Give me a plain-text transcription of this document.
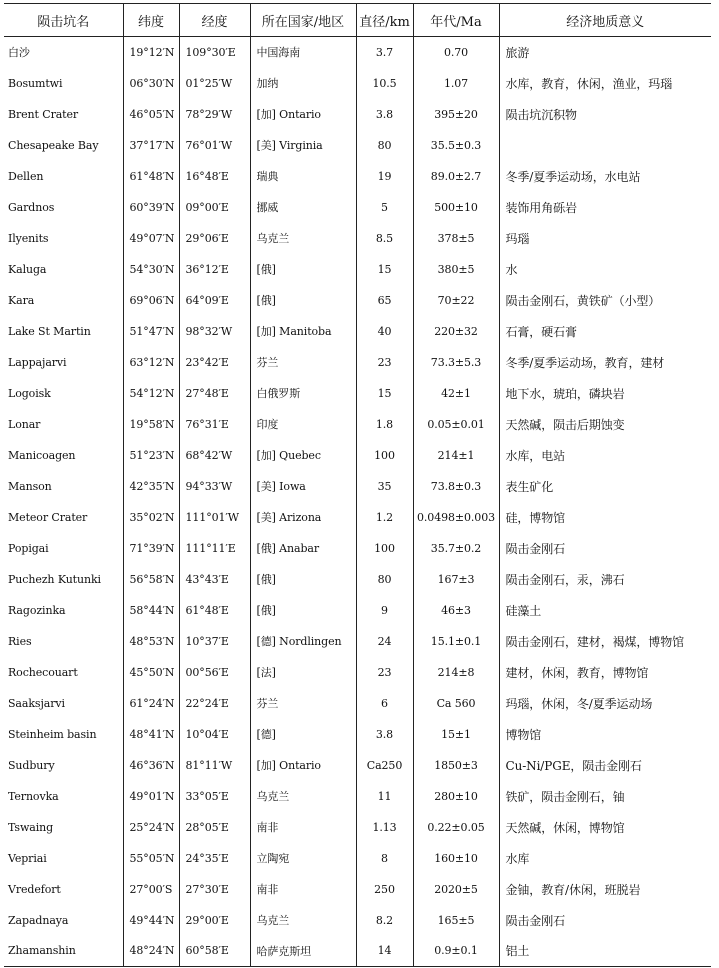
陨击坑名	纬度	经度	所在国家/地区	直径/km	年代/Ma	经济地质意义
白沙	19°12′N	109°30′E	中国海南	3.7	0.70	旅游
Bosumtwi	06°30′N	01°25′W	加纳	10.5	1.07	水库，教育，休闲，渔业，玛瑙
Brent Crater	46°05′N	78°29′W	[加] Ontario	3.8	395±20	陨击坑沉积物
Chesapeake Bay	37°17′N	76°01′W	[美] Virginia	80	35.5±0.3	
Dellen	61°48′N	16°48′E	瑞典	19	89.0±2.7	冬季/夏季运动场，水电站
Gardnos	60°39′N	09°00′E	挪威	5	500±10	装饰用角砾岩
Ilyenits	49°07′N	29°06′E	乌克兰	8.5	378±5	玛瑙
Kaluga	54°30′N	36°12′E	[俄]	15	380±5	水
Kara	69°06′N	64°09′E	[俄]	65	70±22	陨击金刚石，黄铁矿（小型）
Lake St Martin	51°47′N	98°32′W	[加] Manitoba	40	220±32	石膏，硬石膏
Lappajarvi	63°12′N	23°42′E	芬兰	23	73.3±5.3	冬季/夏季运动场，教育，建材
Logoisk	54°12′N	27°48′E	白俄罗斯	15	42±1	地下水，琥珀，磷块岩
Lonar	19°58′N	76°31′E	印度	1.8	0.05±0.01	天然碱，陨击后期蚀变
Manicoagen	51°23′N	68°42′W	[加] Quebec	100	214±1	水库，电站
Manson	42°35′N	94°33′W	[美] Iowa	35	73.8±0.3	表生矿化
Meteor Crater	35°02′N	111°01′W	[美] Arizona	1.2	0.0498±0.003	硅，博物馆
Popigai	71°39′N	111°11′E	[俄] Anabar	100	35.7±0.2	陨击金刚石
Puchezh Kutunki	56°58′N	43°43′E	[俄]	80	167±3	陨击金刚石，汞，沸石
Ragozinka	58°44′N	61°48′E	[俄]	9	46±3	硅藻土
Ries	48°53′N	10°37′E	[德] Nordlingen	24	15.1±0.1	陨击金刚石，建材，褐煤，博物馆
Rochecouart	45°50′N	00°56′E	[法]	23	214±8	建材，休闲，教育，博物馆
Saaksjarvi	61°24′N	22°24′E	芬兰	6	Ca 560	玛瑙，休闲，冬/夏季运动场
Steinheim basin	48°41′N	10°04′E	[德]	3.8	15±1	博物馆
Sudbury	46°36′N	81°11′W	[加] Ontario	Ca250	1850±3	Cu-Ni/PGE，陨击金刚石
Ternovka	49°01′N	33°05′E	乌克兰	11	280±10	铁矿，陨击金刚石，铀
Tswaing	25°24′N	28°05′E	南非	1.13	0.22±0.05	天然碱，休闲，博物馆
Vepriai	55°05′N	24°35′E	立陶宛	8	160±10	水库
Vredefort	27°00′S	27°30′E	南非	250	2020±5	金铀，教育/休闲，班脱岩
Zapadnaya	49°44′N	29°00′E	乌克兰	8.2	165±5	陨击金刚石
Zhamanshin	48°24′N	60°58′E	哈萨克斯坦	14	0.9±0.1	铝土
